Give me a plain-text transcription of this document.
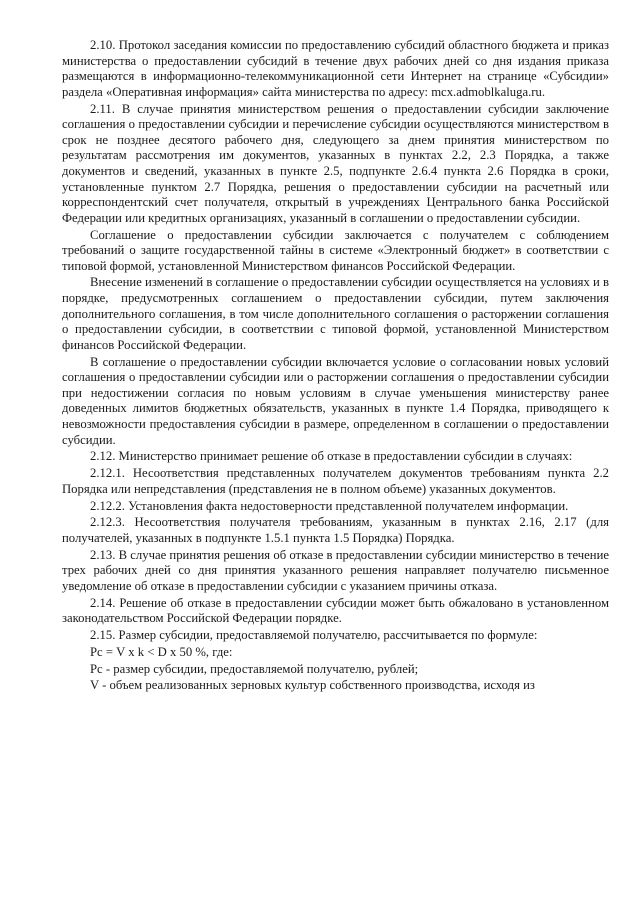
2.10. Протокол заседания комиссии по предоставлению субсидий областного бюджета и приказ министерства о предоставлении субсидий в течение двух рабочих дней со дня издания приказа размещаются в информационно-телекоммуникационной сети Интернет на странице «Субсидии» раздела «Оперативная информация» сайта министерства по адресу: mcx.admoblkaluga.ru.

2.11. В случае принятия министерством решения о предоставлении субсидии заключение соглашения о предоставлении субсидии и перечисление субсидии осуществляются министерством в срок не позднее десятого рабочего дня, следующего за днем принятия министерством по результатам рассмотрения им документов, указанных в пунктах 2.2, 2.3 Порядка, а также документов и сведений, указанных в пункте 2.5, подпункте 2.6.4 пункта 2.6 Порядка в сроки, установленные пунктом 2.7 Порядка, решения о предоставлении субсидии на расчетный или корреспондентский счет получателя, открытый в учреждениях Центрального банка Российской Федерации или кредитных организациях, указанный в соглашении о предоставлении субсидии.

Соглашение о предоставлении субсидии заключается с получателем с соблюдением требований о защите государственной тайны в системе «Электронный бюджет» в соответствии с типовой формой, установленной Министерством финансов Российской Федерации.

Внесение изменений в соглашение о предоставлении субсидии осуществляется на условиях и в порядке, предусмотренных соглашением о предоставлении субсидии, путем заключения дополнительного соглашения, в том числе дополнительного соглашения о расторжении соглашения о предоставлении субсидии, в соответствии с типовой формой, установленной Министерством финансов Российской Федерации.

В соглашение о предоставлении субсидии включается условие о согласовании новых условий соглашения о предоставлении субсидии или о расторжении соглашения о предоставлении субсидии при недостижении согласия по новым условиям в случае уменьшения министерству ранее доведенных лимитов бюджетных обязательств, указанных в пункте 1.4 Порядка, приводящего к невозможности предоставления субсидии в размере, определенном в соглашении о предоставлении субсидии.

2.12. Министерство принимает решение об отказе в предоставлении субсидии в случаях:

2.12.1. Несоответствия представленных получателем документов требованиям пункта 2.2 Порядка или непредставления (представления не в полном объеме) указанных документов.

2.12.2. Установления факта недостоверности представленной получателем информации.

2.12.3. Несоответствия получателя требованиям, указанным в пунктах 2.16, 2.17 (для получателей, указанных в подпункте 1.5.1 пункта 1.5 Порядка) Порядка.

2.13. В случае принятия решения об отказе в предоставлении субсидии министерство в течение трех рабочих дней со дня принятия указанного решения направляет получателю письменное уведомление об отказе в предоставлении субсидии с указанием причины отказа.

2.14. Решение об отказе в предоставлении субсидии может быть обжаловано в установленном законодательством Российской Федерации порядке.

2.15. Размер субсидии, предоставляемой получателю, рассчитывается по формуле:

Рс = V x k < D x 50 %, где:

Рс - размер субсидии, предоставляемой получателю, рублей;

V - объем реализованных зерновых культур собственного производства, исходя из
